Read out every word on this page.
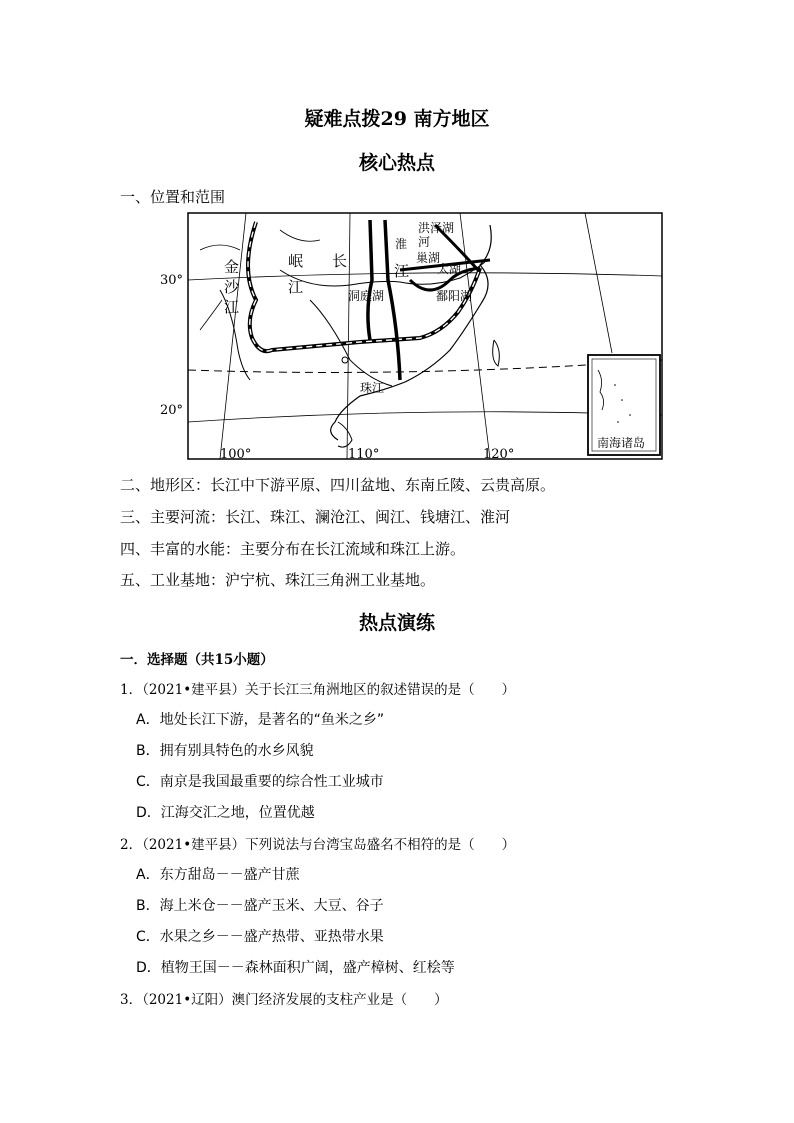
疑难点拨29 南方地区
核心热点
一、位置和范围
30°
20°
100°	110°	120°
金
沙
江
岷
江
长
江
淮 河
洪泽湖
巢湖
太湖
洞庭湖	鄱阳湖
珠江
南海诸岛
二、地形区：长江中下游平原、四川盆地、东南丘陵、云贵高原。
三、主要河流：长江、珠江、澜沧江、闽江、钱塘江、淮河
四、丰富的水能：主要分布在长江流域和珠江上游。
五、工业基地：沪宁杭、珠江三角洲工业基地。
热点演练
一．选择题（共15小题）
1．（2021•建平县）关于长江三角洲地区的叙述错误的是（　　）
A．地处长江下游，是著名的“鱼米之乡”
B．拥有别具特色的水乡风貌
C．南京是我国最重要的综合性工业城市
D．江海交汇之地，位置优越
2．（2021•建平县）下列说法与台湾宝岛盛名不相符的是（　　）
A．东方甜岛－－盛产甘蔗
B．海上米仓－－盛产玉米、大豆、谷子
C．水果之乡－－盛产热带、亚热带水果
D．植物王国－－森林面积广阔，盛产樟树、红桧等
3．（2021•辽阳）澳门经济发展的支柱产业是（　　）
